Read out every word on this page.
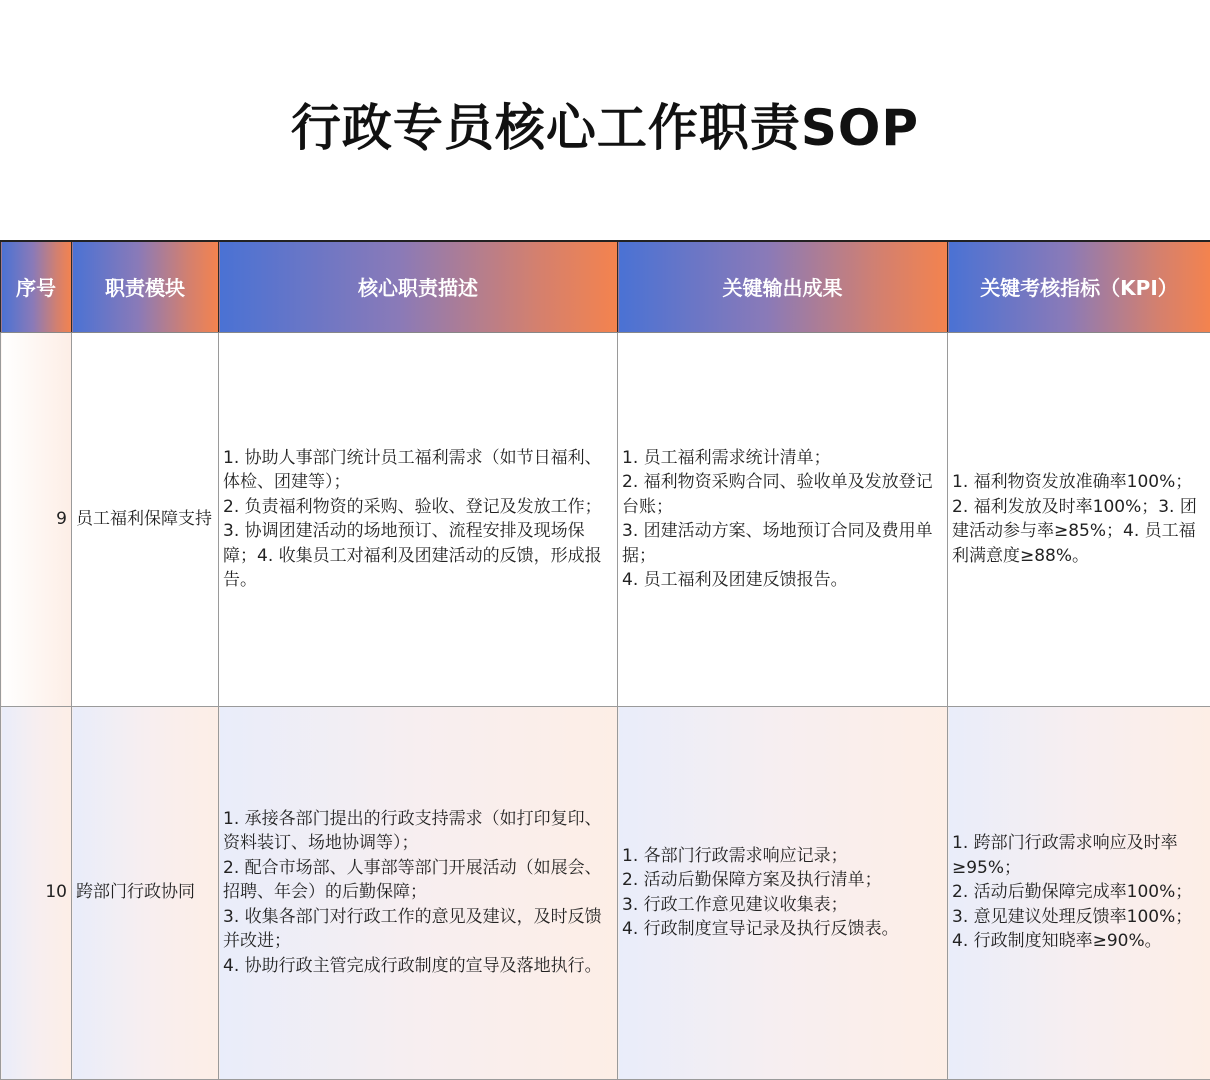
行政专员核心工作职责SOP
序号	职责模块	核心职责描述	关键输出成果	关键考核指标（KPI）
9	员工福利保障支持	1. 协助人事部门统计员工福利需求（如节日福利、体检、团建等）；
2. 负责福利物资的采购、验收、登记及发放工作；
3. 协调团建活动的场地预订、流程安排及现场保障；4. 收集员工对福利及团建活动的反馈，形成报告。	1. 员工福利需求统计清单；
2. 福利物资采购合同、验收单及发放登记台账；
3. 团建活动方案、场地预订合同及费用单据；
4. 员工福利及团建反馈报告。	1. 福利物资发放准确率100%；
2. 福利发放及时率100%；3. 团建活动参与率≥85%；4. 员工福利满意度≥88%。

10	跨部门行政协同	1. 承接各部门提出的行政支持需求（如打印复印、资料装订、场地协调等）；
2. 配合市场部、人事部等部门开展活动（如展会、招聘、年会）的后勤保障；
3. 收集各部门对行政工作的意见及建议，及时反馈并改进；
4. 协助行政主管完成行政制度的宣导及落地执行。	1. 各部门行政需求响应记录；
2. 活动后勤保障方案及执行清单；
3. 行政工作意见建议收集表；
4. 行政制度宣导记录及执行反馈表。	1. 跨部门行政需求响应及时率≥95%；
2. 活动后勤保障完成率100%；
3. 意见建议处理反馈率100%；
4. 行政制度知晓率≥90%。
